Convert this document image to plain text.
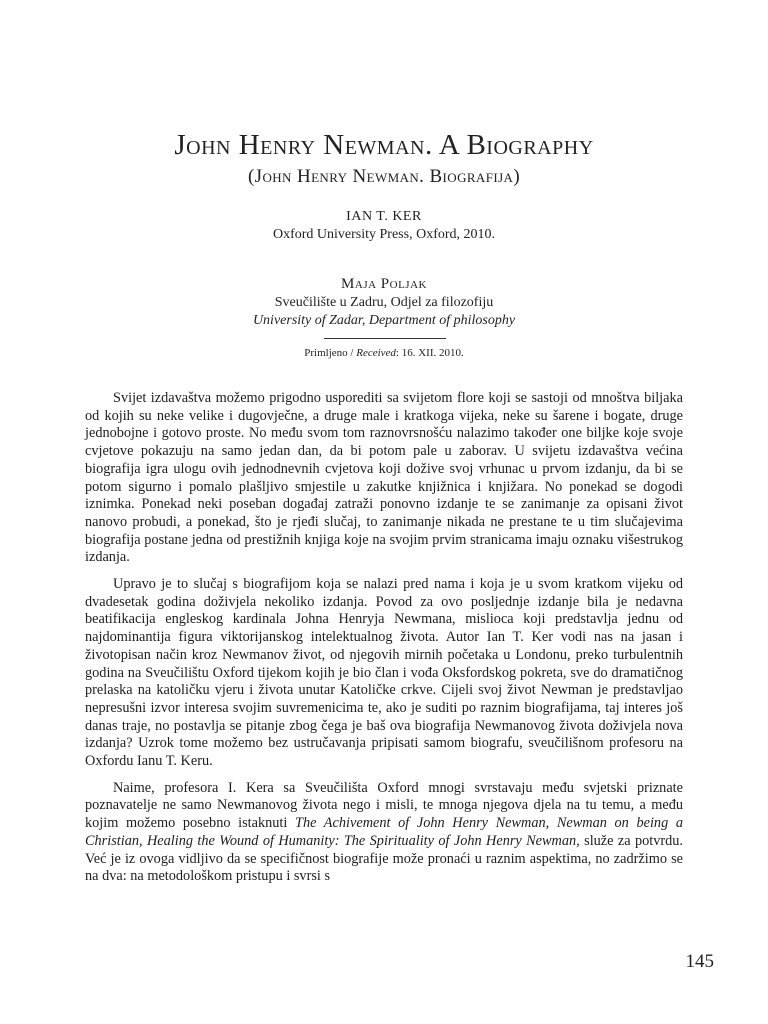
John Henry Newman. A Biography
(John Henry Newman. Biografija)
IAN T. KER
Oxford University Press, Oxford, 2010.
Maja Poljak
Sveučilište u Zadru, Odjel za filozofiju
University of Zadar, Department of philosophy
Primljeno / Received: 16. XII. 2010.

Svijet izdavaštva možemo prigodno usporediti sa svijetom flore koji se sastoji od mnoštva biljaka od kojih su neke velike i dugovječne, a druge male i kratkoga vijeka, neke su šarene i bogate, druge jednobojne i gotovo proste. No među svom tom raznovrsnošću nalazimo također one biljke koje svoje cvjetove pokazuju na samo jedan dan, da bi potom pale u zaborav. U svijetu izdavaštva većina biografija igra ulogu ovih jednodnevnih cvjetova koji dožive svoj vrhunac u prvom izdanju, da bi se potom sigurno i pomalo plašljivo smjestile u zakutke knjižnica i knjižara. No ponekad se dogodi iznimka. Ponekad neki poseban događaj zatraži ponovno izdanje te se zanimanje za opisani život nanovo probudi, a ponekad, što je rjeđi slučaj, to zanimanje nikada ne prestane te u tim slučajevima biografija postane jedna od prestižnih knjiga koje na svojim prvim stranicama imaju oznaku višestrukog izdanja.

Upravo je to slučaj s biografijom koja se nalazi pred nama i koja je u svom kratkom vijeku od dvadesetak godina doživjela nekoliko izdanja. Povod za ovo posljednje izdanje bila je nedavna beatifikacija engleskog kardinala Johna Henryja Newmana, mislioca koji predstavlja jednu od najdominantija figura viktorijanskog intelektualnog života. Autor Ian T. Ker vodi nas na jasan i životopisan način kroz Newmanov život, od njegovih mirnih početaka u Londonu, preko turbulentnih godina na Sveučilištu Oxford tijekom kojih je bio član i vođa Oksfordskog pokreta, sve do dramatičnog prelaska na katoličku vjeru i života unutar Katoličke crkve. Cijeli svoj život Newman je predstavljao nepresušni izvor interesa svojim suvremenicima te, ako je suditi po raznim biografijama, taj interes još danas traje, no postavlja se pitanje zbog čega je baš ova biografija Newmanovog života doživjela nova izdanja? Uzrok tome možemo bez ustručavanja pripisati samom biografu, sveučilišnom profesoru na Oxfordu Ianu T. Keru.

Naime, profesora I. Kera sa Sveučilišta Oxford mnogi svrstavaju među svjetski priznate poznavatelje ne samo Newmanovog života nego i misli, te mnoga njegova djela na tu temu, a među kojim možemo posebno istaknuti The Achivement of John Henry Newman, Newman on being a Christian, Healing the Wound of Humanity: The Spirituality of John Henry Newman, služe za potvrdu. Već je iz ovoga vidljivo da se specifičnost biografije može pronaći u raznim aspektima, no zadržimo se na dva: na metodološkom pristupu i svrsi s

145
